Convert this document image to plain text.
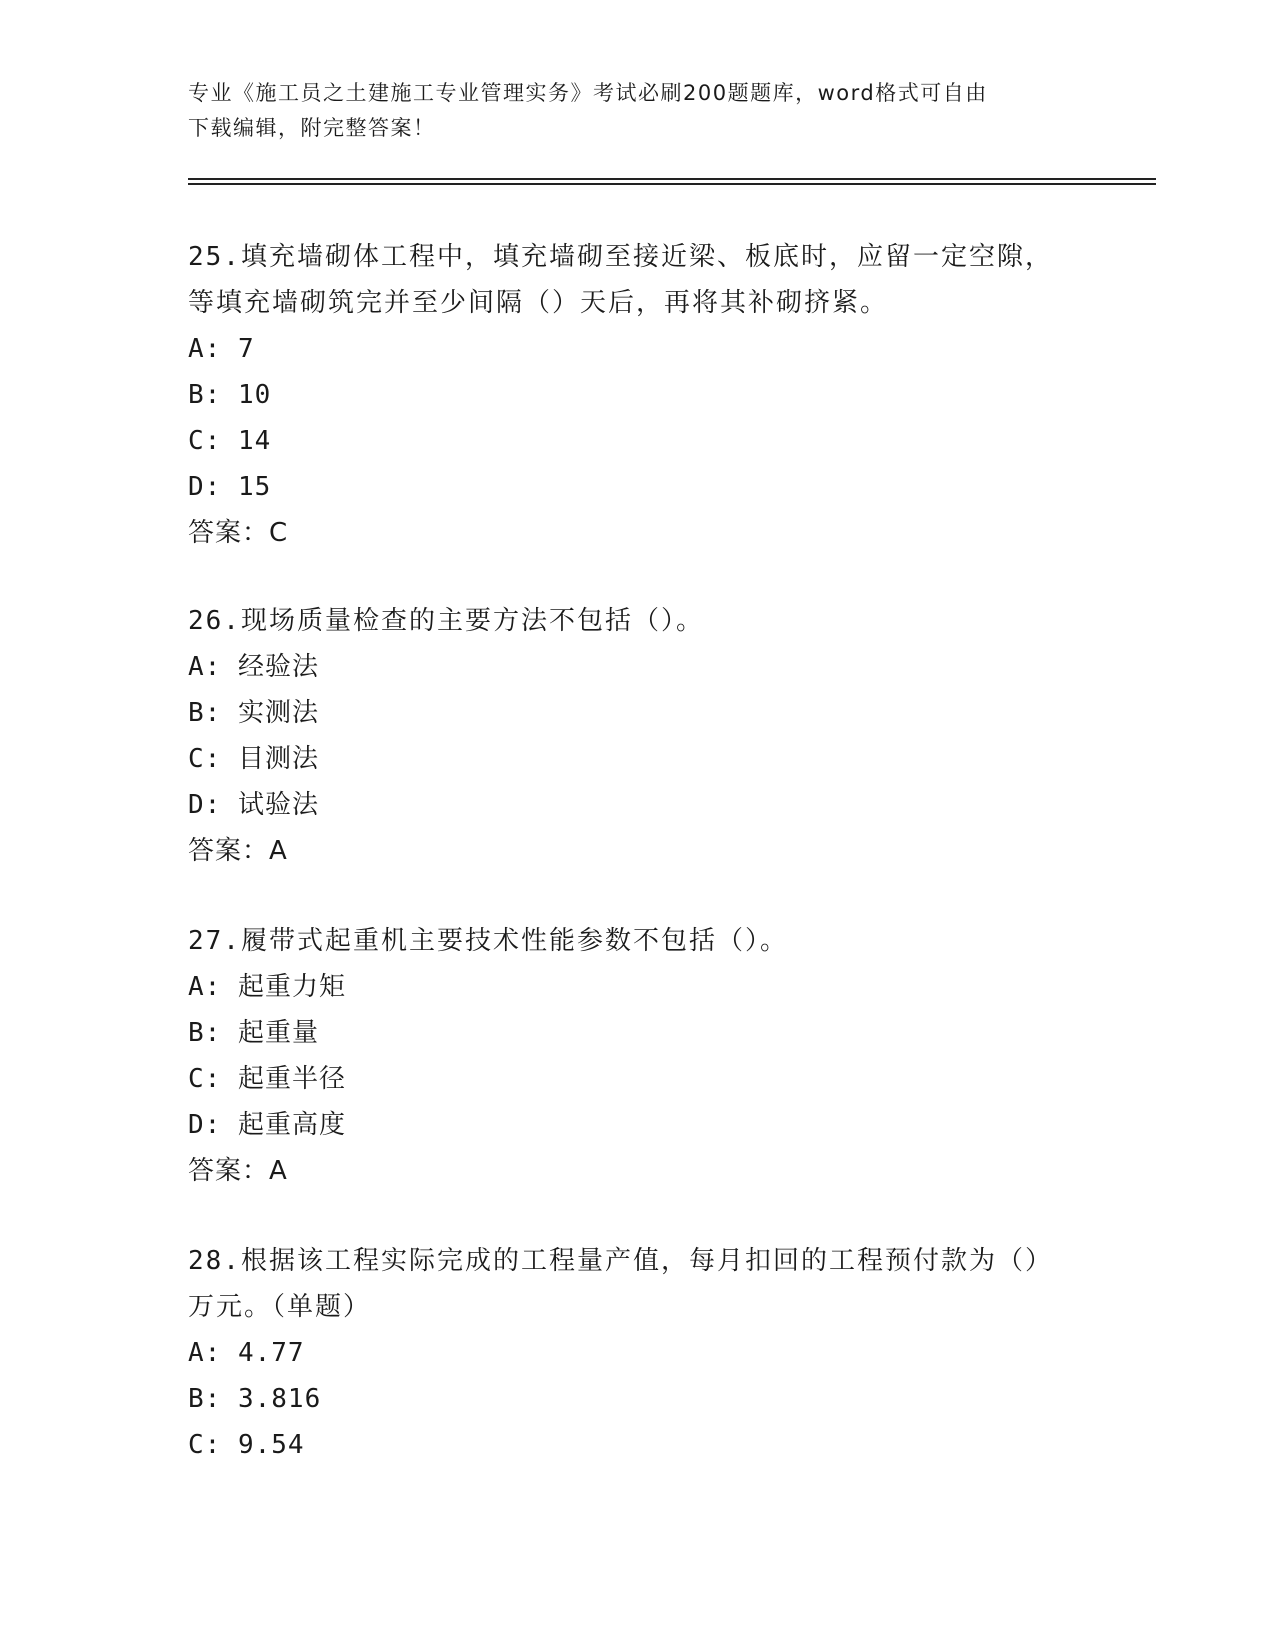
专业《施工员之土建施工专业管理实务》考试必刷200题题库，word格式可自由
下载编辑，附完整答案！

25.填充墙砌体工程中，填充墙砌至接近梁、板底时，应留一定空隙，

等填充墙砌筑完并至少间隔（）天后，再将其补砌挤紧。

A: 7

B: 10

C: 14

D: 15

答案：C

26.现场质量检查的主要方法不包括（）。

A: 经验法

B: 实测法

C: 目测法

D: 试验法

答案：A

27.履带式起重机主要技术性能参数不包括（）。

A: 起重力矩

B: 起重量

C: 起重半径

D: 起重高度

答案：A

28.根据该工程实际完成的工程量产值，每月扣回的工程预付款为（）

万元。（单题）

A: 4.77

B: 3.816

C: 9.54
